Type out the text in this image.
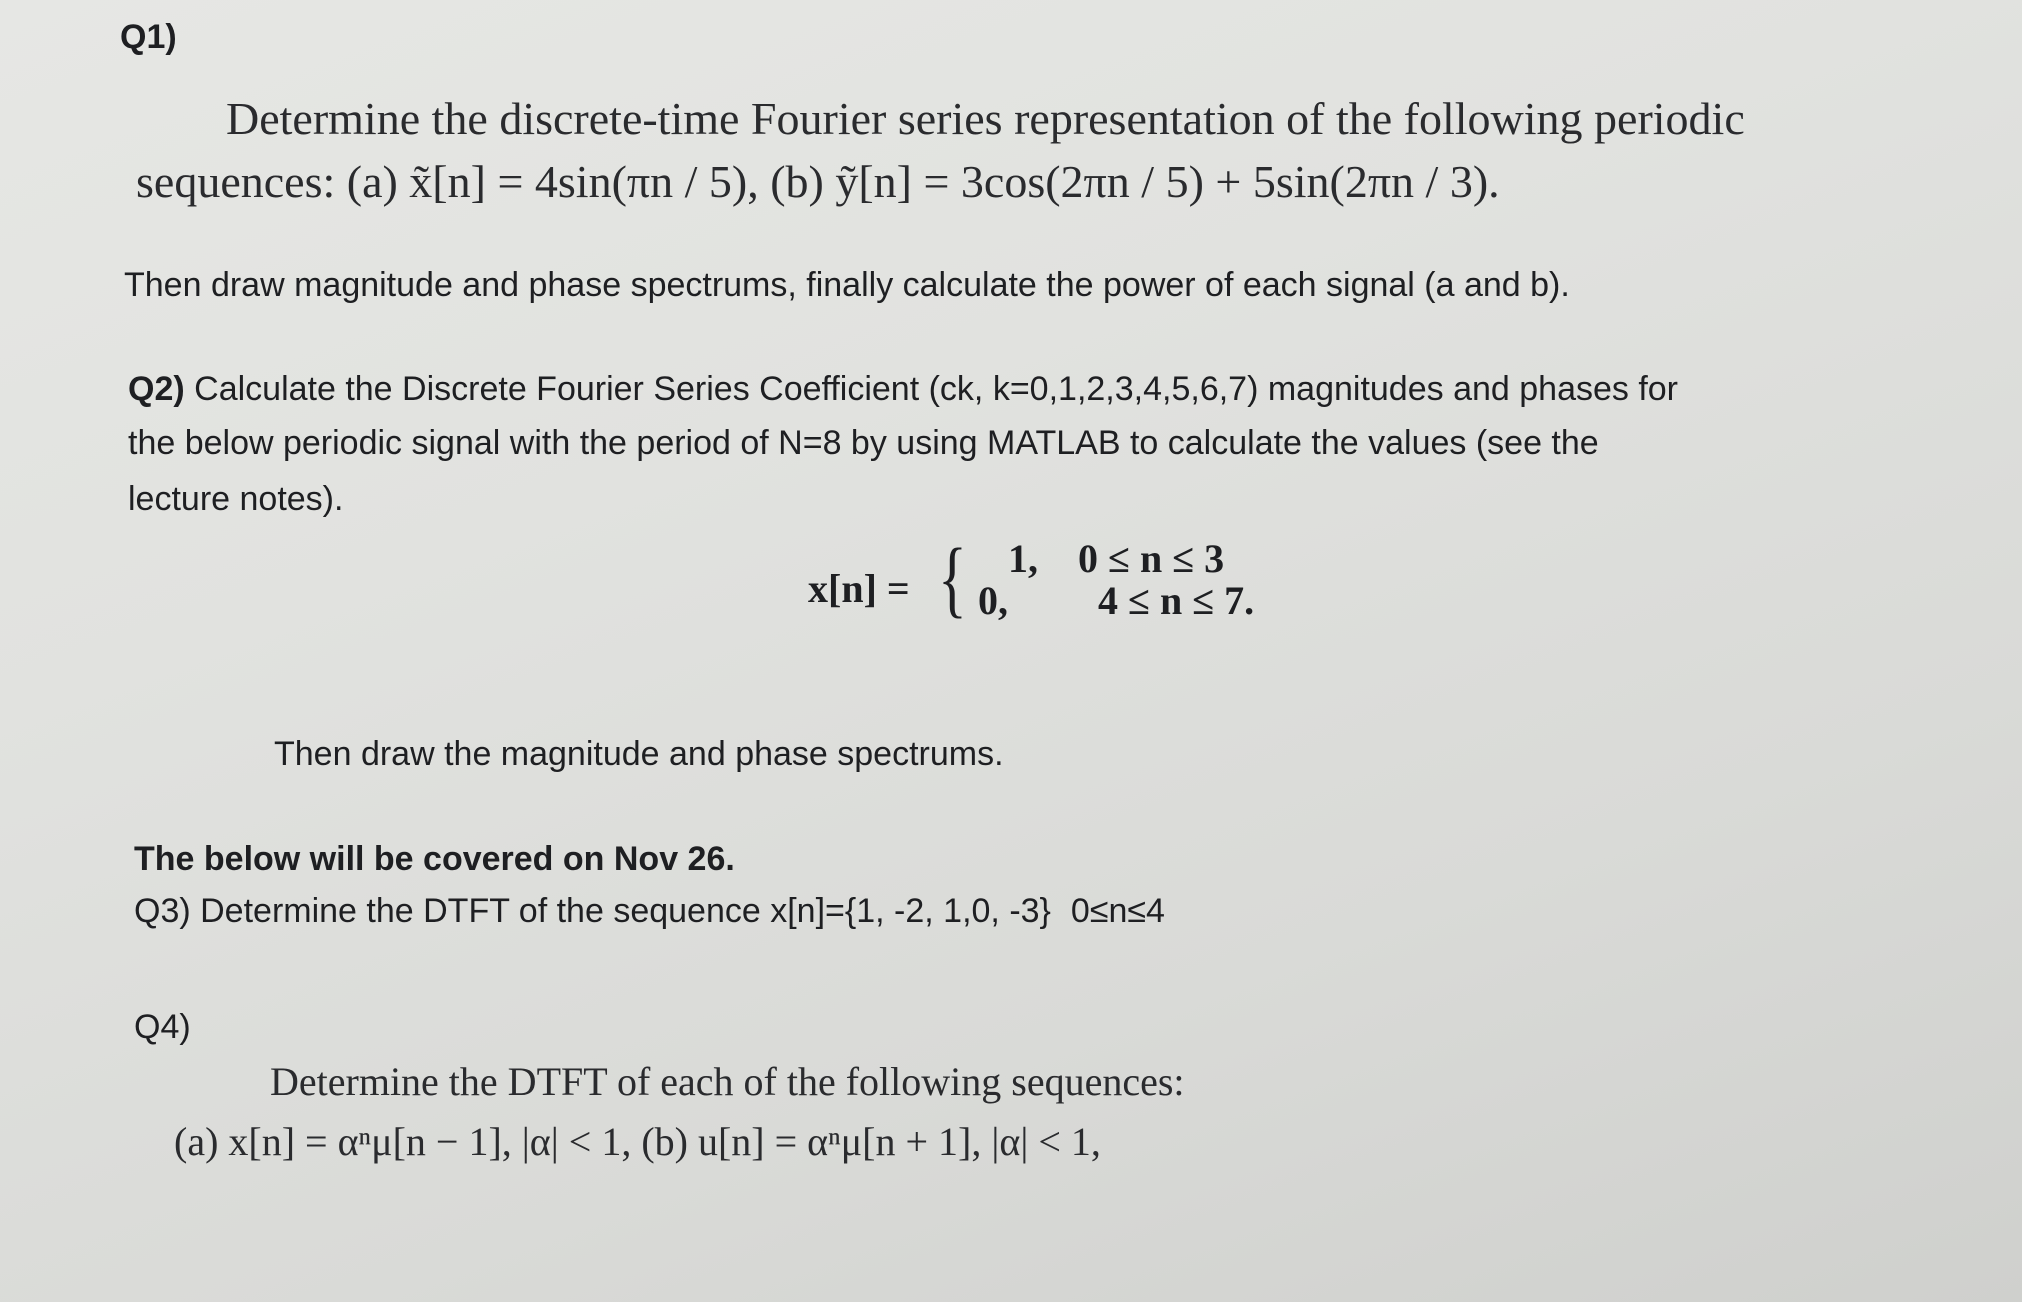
Q1)
Determine the discrete-time Fourier series representation of the following periodic
sequences: (a) x̃[n] = 4sin(πn / 5), (b) ỹ[n] = 3cos(2πn / 5) + 5sin(2πn / 3).
Then draw magnitude and phase spectrums, finally calculate the power of each signal (a and b).
Q2) Calculate the Discrete Fourier Series Coefficient (ck, k=0,1,2,3,4,5,6,7) magnitudes and phases for
the below periodic signal with the period of N=8 by using MATLAB to calculate the values (see the
lecture notes).
x[n] = { 1, 0 ≤ n ≤ 3
0, 4 ≤ n ≤ 7.
Then draw the magnitude and phase spectrums.
The below will be covered on Nov 26.
Q3) Determine the DTFT of the sequence x[n]={1, -2, 1,0, -3} 0≤n≤4
Q4)
Determine the DTFT of each of the following sequences:
(a) x[n] = αⁿμ[n − 1], |α| < 1, (b) u[n] = αⁿμ[n + 1], |α| < 1,
